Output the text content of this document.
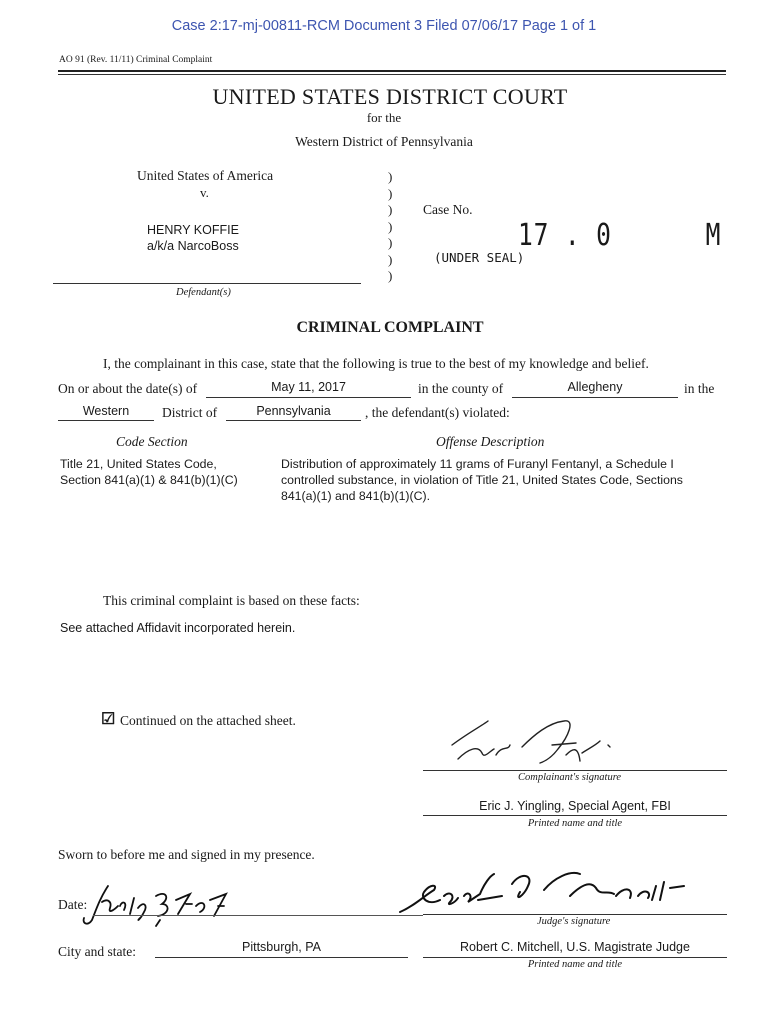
Case 2:17-mj-00811-RCM Document 3 Filed 07/06/17 Page 1 of 1
AO 91 (Rev. 11/11) Criminal Complaint
UNITED STATES DISTRICT COURT
for the
Western District of Pennsylvania
United States of America
v.
HENRY KOFFIE
a/k/a NarcoBoss
Defendant(s)
)
)
)
)
)
)
)
Case No.
17 . 0      M
(UNDER SEAL)
CRIMINAL COMPLAINT
I, the complainant in this case, state that the following is true to the best of my knowledge and belief.
On or about the date(s) of	May 11, 2017	in the county of	Allegheny	in the
Western	District of	Pennsylvania	, the defendant(s) violated:
Code Section	Offense Description
Title 21, United States Code,
Section 841(a)(1) & 841(b)(1)(C)
Distribution of approximately 11 grams of Furanyl Fentanyl, a Schedule I
controlled substance, in violation of Title 21, United States Code, Sections
841(a)(1) and 841(b)(1)(C).
This criminal complaint is based on these facts:
See attached Affidavit incorporated herein.
☑ Continued on the attached sheet.
Complainant's signature
Eric J. Yingling, Special Agent, FBI
Printed name and title
Sworn to before me and signed in my presence.
Date:
Judge's signature
City and state:	Pittsburgh, PA	Robert C. Mitchell, U.S. Magistrate Judge
Printed name and title
